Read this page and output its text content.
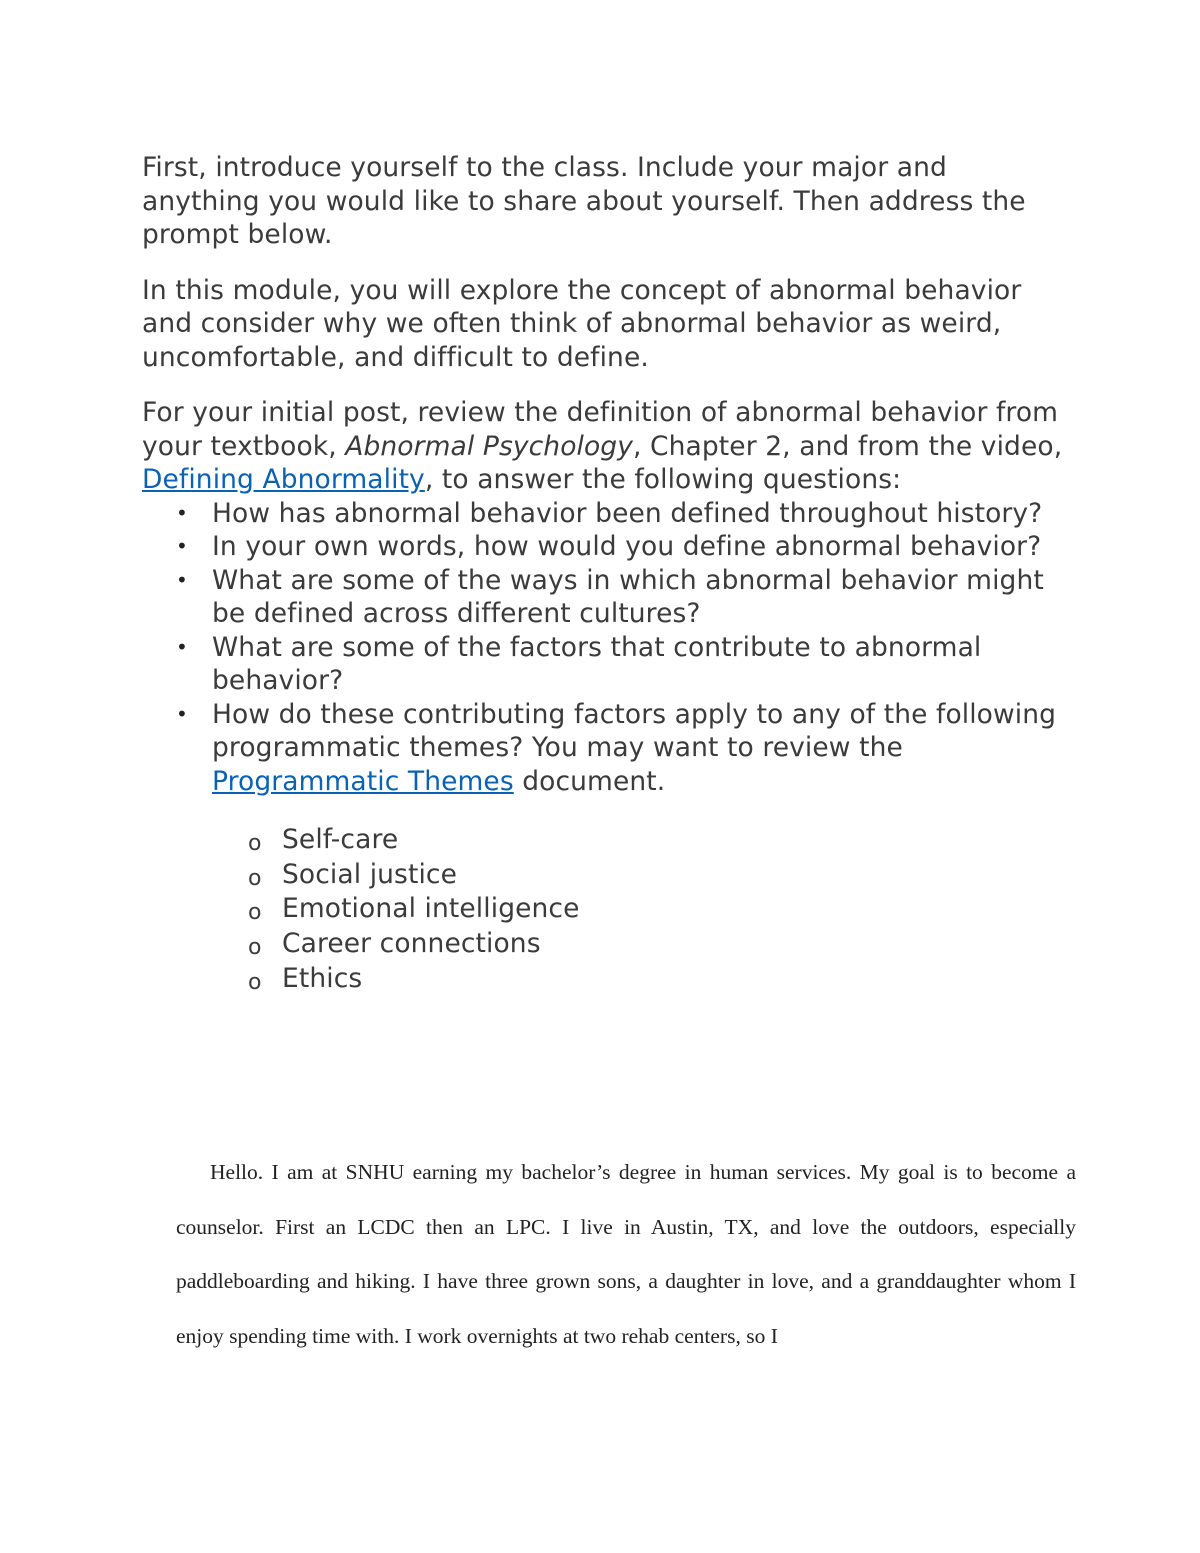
First, introduce yourself to the class. Include your major and anything you would like to share about yourself. Then address the prompt below.

In this module, you will explore the concept of abnormal behavior and consider why we often think of abnormal behavior as weird, uncomfortable, and difficult to define.

For your initial post, review the definition of abnormal behavior from your textbook, Abnormal Psychology, Chapter 2, and from the video, Defining Abnormality, to answer the following questions:

• How has abnormal behavior been defined throughout history?
• In your own words, how would you define abnormal behavior?
• What are some of the ways in which abnormal behavior might be defined across different cultures?
• What are some of the factors that contribute to abnormal behavior?
• How do these contributing factors apply to any of the following programmatic themes? You may want to review the Programmatic Themes document.
o Self-care
o Social justice
o Emotional intelligence
o Career connections
o Ethics

Hello. I am at SNHU earning my bachelor’s degree in human services. My goal is to become a counselor. First an LCDC then an LPC. I live in Austin, TX, and love the outdoors, especially paddleboarding and hiking. I have three grown sons, a daughter in love, and a granddaughter whom I enjoy spending time with. I work overnights at two rehab centers, so I
